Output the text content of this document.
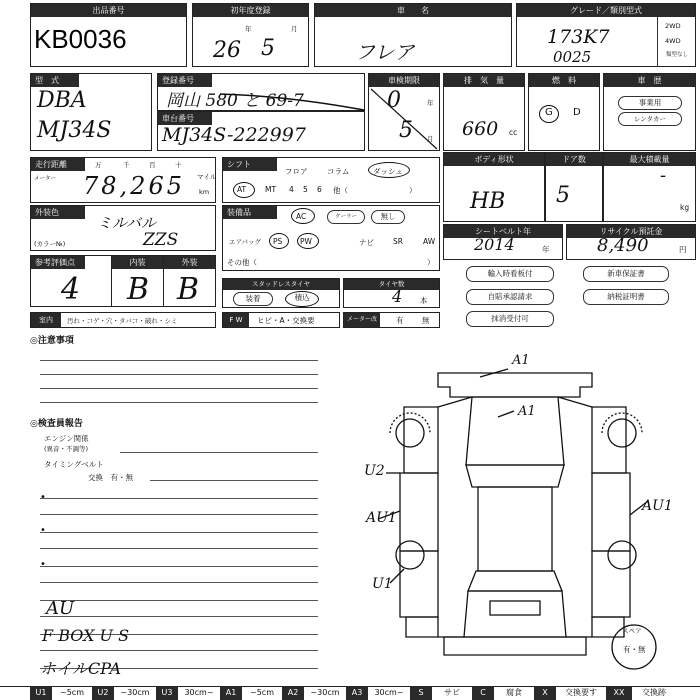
出品番号
KB0036
初年度登録
26
年
5
月
車　　名
フレア
グレード／類別型式
173K7
0025
2WD
4WD
類型なし
型　式
DBA
MJ34S
登録番号
岡山 580 と 69-7
車台番号
MJ34S-222997
車検期限
0	年
5 月
排　気　量
660 cc
燃　料
G D
車　歴
事業用
レンタカー
走行距離
メーター
万	千	百	十
78,265 マイル
km
シフト
フロア	コラム	ダッシュ
AT	MT 4 5 6 他（	）
ボディ形状
HB
ドア数
5
最大積載量
-
kg
外装色
ミルバル
(カラー№)	ZZS
装備品	AC	クーラー	無し
エアバッグ PS PW	ナビ	SR	AW
その他（	）
シートベルト年
2014	年
リサイクル預託金
8,490	円
参考評価点
4
内装	外装
B B	スタッドレスタイヤ
装着	積込
タイヤ数
4 本
F W	ヒビ・A・交換要	メーター改	有 無
輸入時看板付
自賠承認請求
抹消受付可
新車保証書
納税証明書
室内	汚れ・コゲ・穴・タバコ・破れ・シミ
◎注意事項
◎検査員報告
エンジン関係
(異音・不調等)
タイミングベルト
交換　有・無
•
•
•
AU
F BOX U S
ホイルCPA
A1
A1
U2
AU1
AU1
U1
スペア
有・無
U1	~5cm	U2	~30cm	U3	30cm~	A1	~5cm	A2	~30cm	A3	30cm~	S	サビ	C	腐食	X	交換要す	XX	交換跡
